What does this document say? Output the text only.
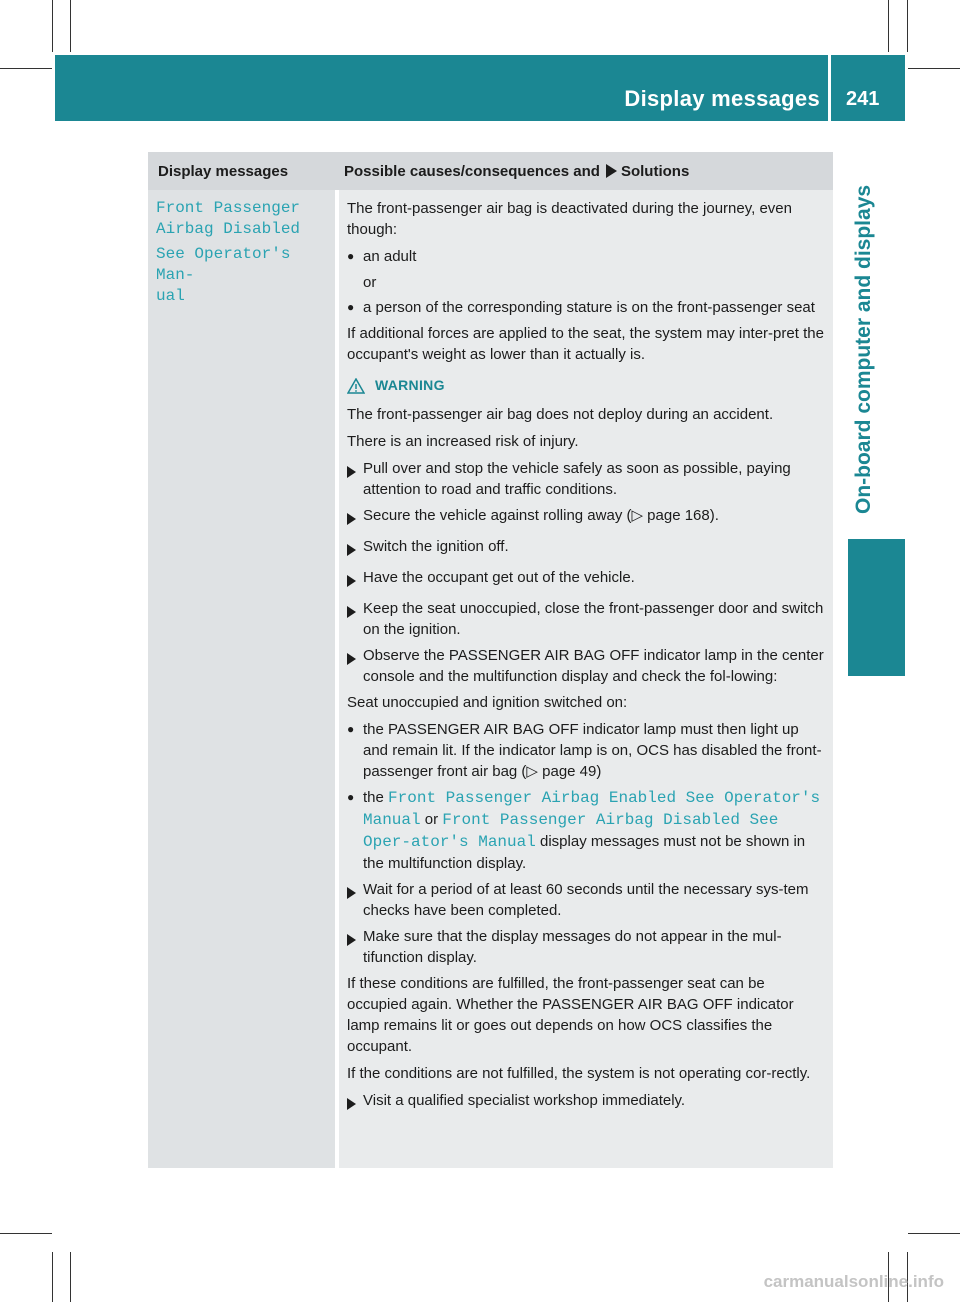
Display messages 241
On-board computer and displays
Display messages	Possible causes/consequences and Solutions
Front Passenger
Airbag Disabled
See Operator's Man‐
ual

The front-passenger air bag is deactivated during the journey, even though:

● an adult
or
● a person of the corresponding stature is on the front-passenger seat

If additional forces are applied to the seat, the system may inter-pret the occupant's weight as lower than it actually is.

WARNING

The front-passenger air bag does not deploy during an accident.

There is an increased risk of injury.

Pull over and stop the vehicle safely as soon as possible, paying attention to road and traffic conditions.
Secure the vehicle against rolling away (▷ page 168).
Switch the ignition off.
Have the occupant get out of the vehicle.
Keep the seat unoccupied, close the front-passenger door and switch on the ignition.
Observe the PASSENGER AIR BAG OFF indicator lamp in the center console and the multifunction display and check the fol-lowing:

Seat unoccupied and ignition switched on:

● the PASSENGER AIR BAG OFF indicator lamp must then light up and remain lit. If the indicator lamp is on, OCS has disabled the front-passenger front air bag (▷ page 49)
● the Front Passenger Airbag Enabled See Operator's Manual or Front Passenger Airbag Disabled See Oper‐ator's Manual display messages must not be shown in the multifunction display.
Wait for a period of at least 60 seconds until the necessary sys-tem checks have been completed.
Make sure that the display messages do not appear in the mul-tifunction display.

If these conditions are fulfilled, the front-passenger seat can be occupied again. Whether the PASSENGER AIR BAG OFF indicator lamp remains lit or goes out depends on how OCS classifies the occupant.

If the conditions are not fulfilled, the system is not operating cor-rectly.

Visit a qualified specialist workshop immediately.
carmanualsonline.info
